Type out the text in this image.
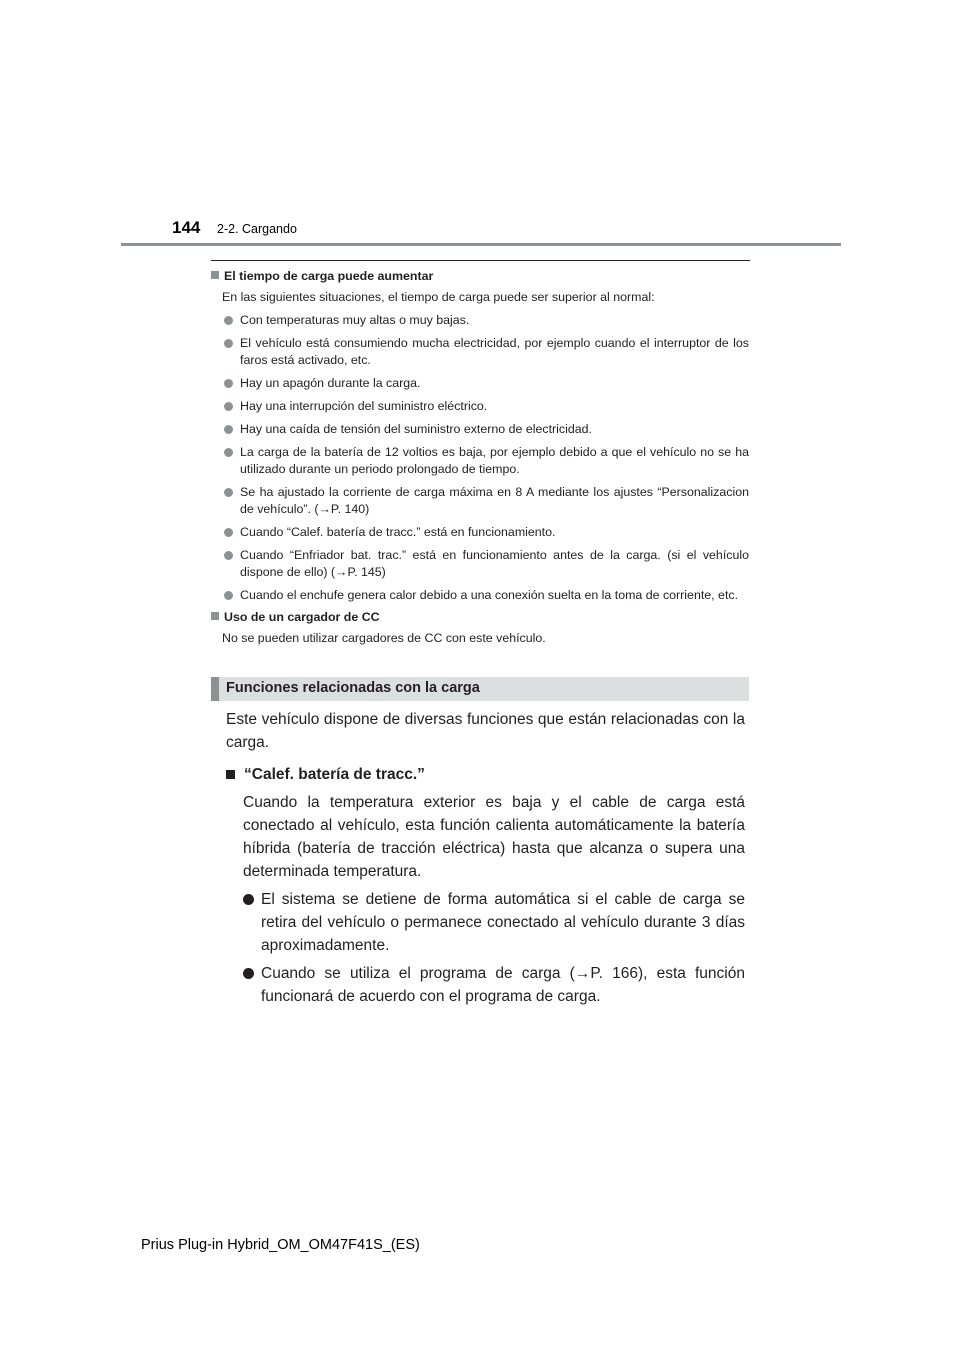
144 2-2. Cargando
El tiempo de carga puede aumentar
En las siguientes situaciones, el tiempo de carga puede ser superior al normal:
Con temperaturas muy altas o muy bajas.
El vehículo está consumiendo mucha electricidad, por ejemplo cuando el interruptor de los faros está activado, etc.
Hay un apagón durante la carga.
Hay una interrupción del suministro eléctrico.
Hay una caída de tensión del suministro externo de electricidad.
La carga de la batería de 12 voltios es baja, por ejemplo debido a que el vehículo no se ha utilizado durante un periodo prolongado de tiempo.
Se ha ajustado la corriente de carga máxima en 8 A mediante los ajustes “Personalizacion de vehículo”. (→P. 140)
Cuando “Calef. batería de tracc.” está en funcionamiento.
Cuando “Enfriador bat. trac.” está en funcionamiento antes de la carga. (si el vehículo dispone de ello) (→P. 145)
Cuando el enchufe genera calor debido a una conexión suelta en la toma de corriente, etc.
Uso de un cargador de CC
No se pueden utilizar cargadores de CC con este vehículo.
Funciones relacionadas con la carga
Este vehículo dispone de diversas funciones que están relacionadas con la carga.
“Calef. batería de tracc.”
Cuando la temperatura exterior es baja y el cable de carga está conectado al vehículo, esta función calienta automáticamente la batería híbrida (batería de tracción eléctrica) hasta que alcanza o supera una determinada temperatura.
El sistema se detiene de forma automática si el cable de carga se retira del vehículo o permanece conectado al vehículo durante 3 días aproximadamente.
Cuando se utiliza el programa de carga (→P. 166), esta función funcionará de acuerdo con el programa de carga.
Prius Plug-in Hybrid_OM_OM47F41S_(ES)
